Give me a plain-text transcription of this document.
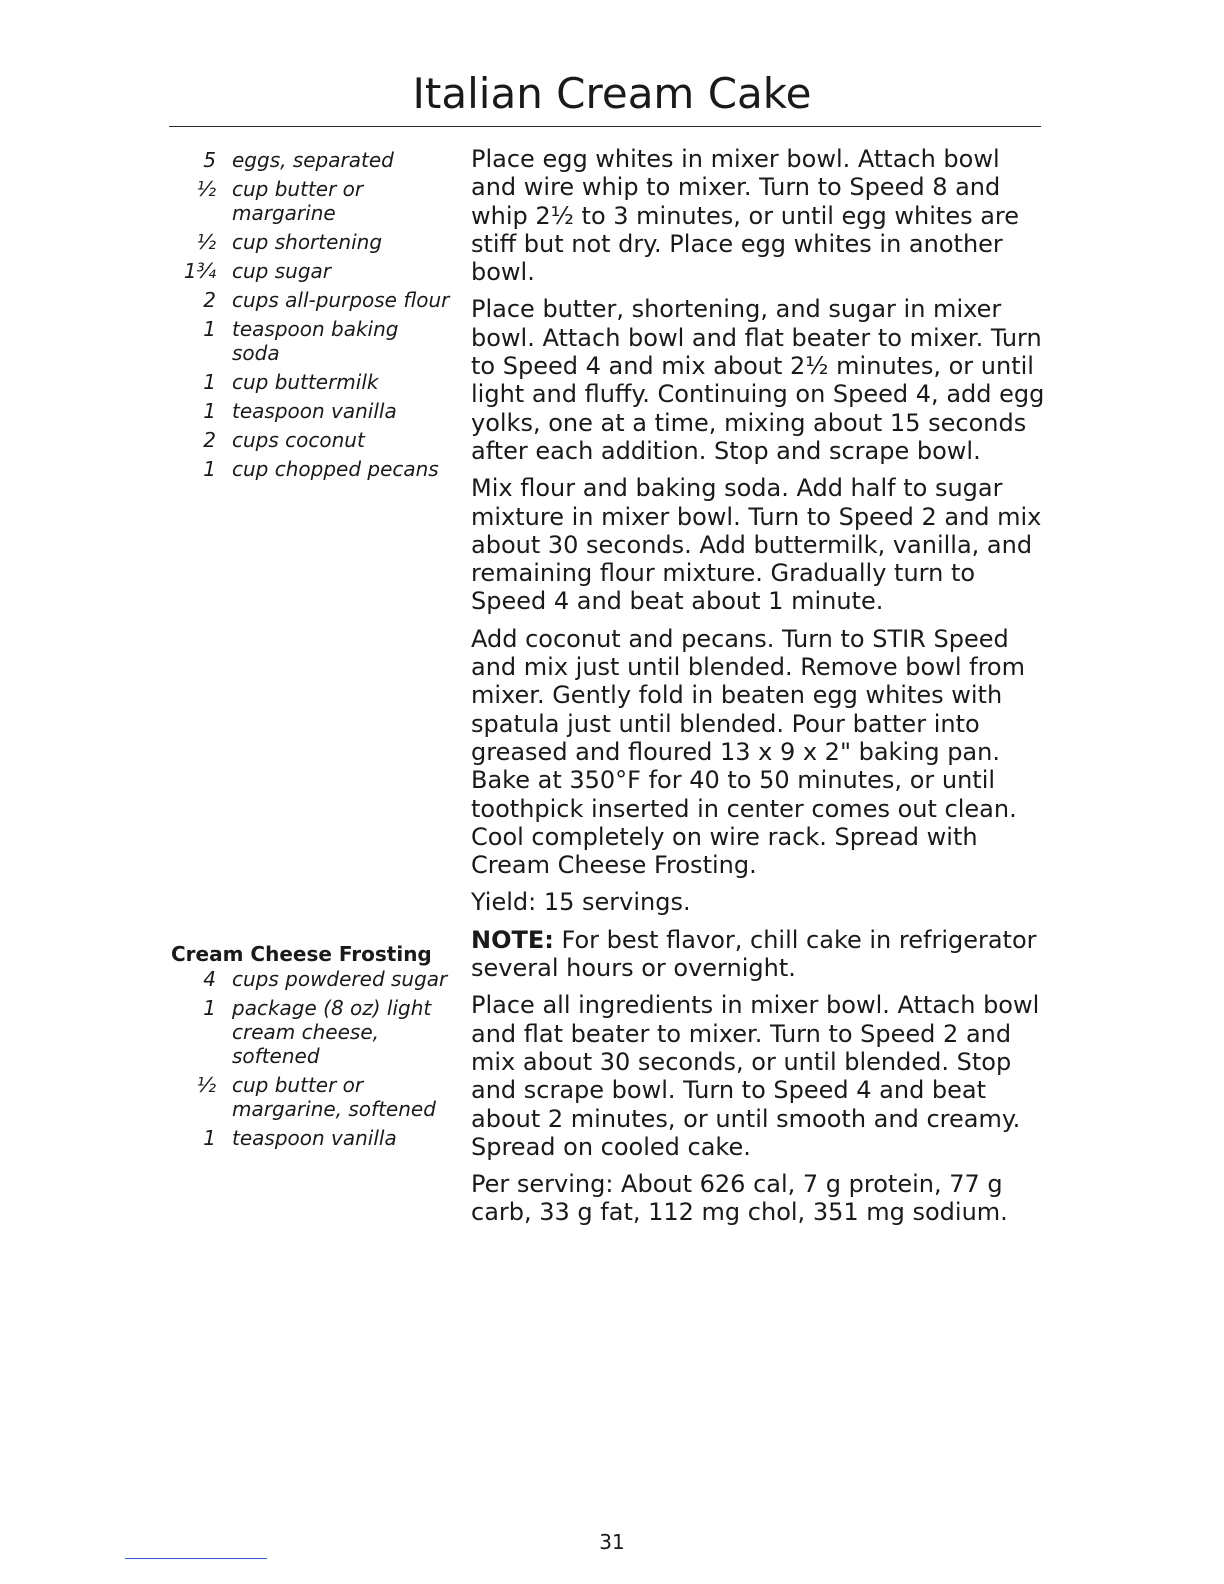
Italian Cream Cake
5 eggs, separated
½ cup butter or margarine
½ cup shortening
1¾ cup sugar
2 cups all-purpose flour
1 teaspoon baking soda
1 cup buttermilk
1 teaspoon vanilla
2 cups coconut
1 cup chopped pecans
Cream Cheese Frosting
4 cups powdered sugar
1 package (8 oz) light cream cheese, softened
½ cup butter or margarine, softened
1 teaspoon vanilla

Place egg whites in mixer bowl. Attach bowl and wire whip to mixer. Turn to Speed 8 and whip 2½ to 3 minutes, or until egg whites are stiff but not dry. Place egg whites in another bowl.

Place butter, shortening, and sugar in mixer bowl. Attach bowl and flat beater to mixer. Turn to Speed 4 and mix about 2½ minutes, or until light and fluffy. Continuing on Speed 4, add egg yolks, one at a time, mixing about 15 seconds after each addition. Stop and scrape bowl.

Mix flour and baking soda. Add half to sugar mixture in mixer bowl. Turn to Speed 2 and mix about 30 seconds. Add buttermilk, vanilla, and remaining flour mixture. Gradually turn to Speed 4 and beat about 1 minute.

Add coconut and pecans. Turn to STIR Speed and mix just until blended. Remove bowl from mixer. Gently fold in beaten egg whites with spatula just until blended. Pour batter into greased and floured 13 x 9 x 2" baking pan. Bake at 350°F for 40 to 50 minutes, or until toothpick inserted in center comes out clean. Cool completely on wire rack. Spread with Cream Cheese Frosting.

Yield: 15 servings.

NOTE: For best flavor, chill cake in refrigerator several hours or overnight.

Place all ingredients in mixer bowl. Attach bowl and flat beater to mixer. Turn to Speed 2 and mix about 30 seconds, or until blended. Stop and scrape bowl. Turn to Speed 4 and beat about 2 minutes, or until smooth and creamy. Spread on cooled cake.

Per serving: About 626 cal, 7 g protein, 77 g carb, 33 g fat, 112 mg chol, 351 mg sodium.

31
